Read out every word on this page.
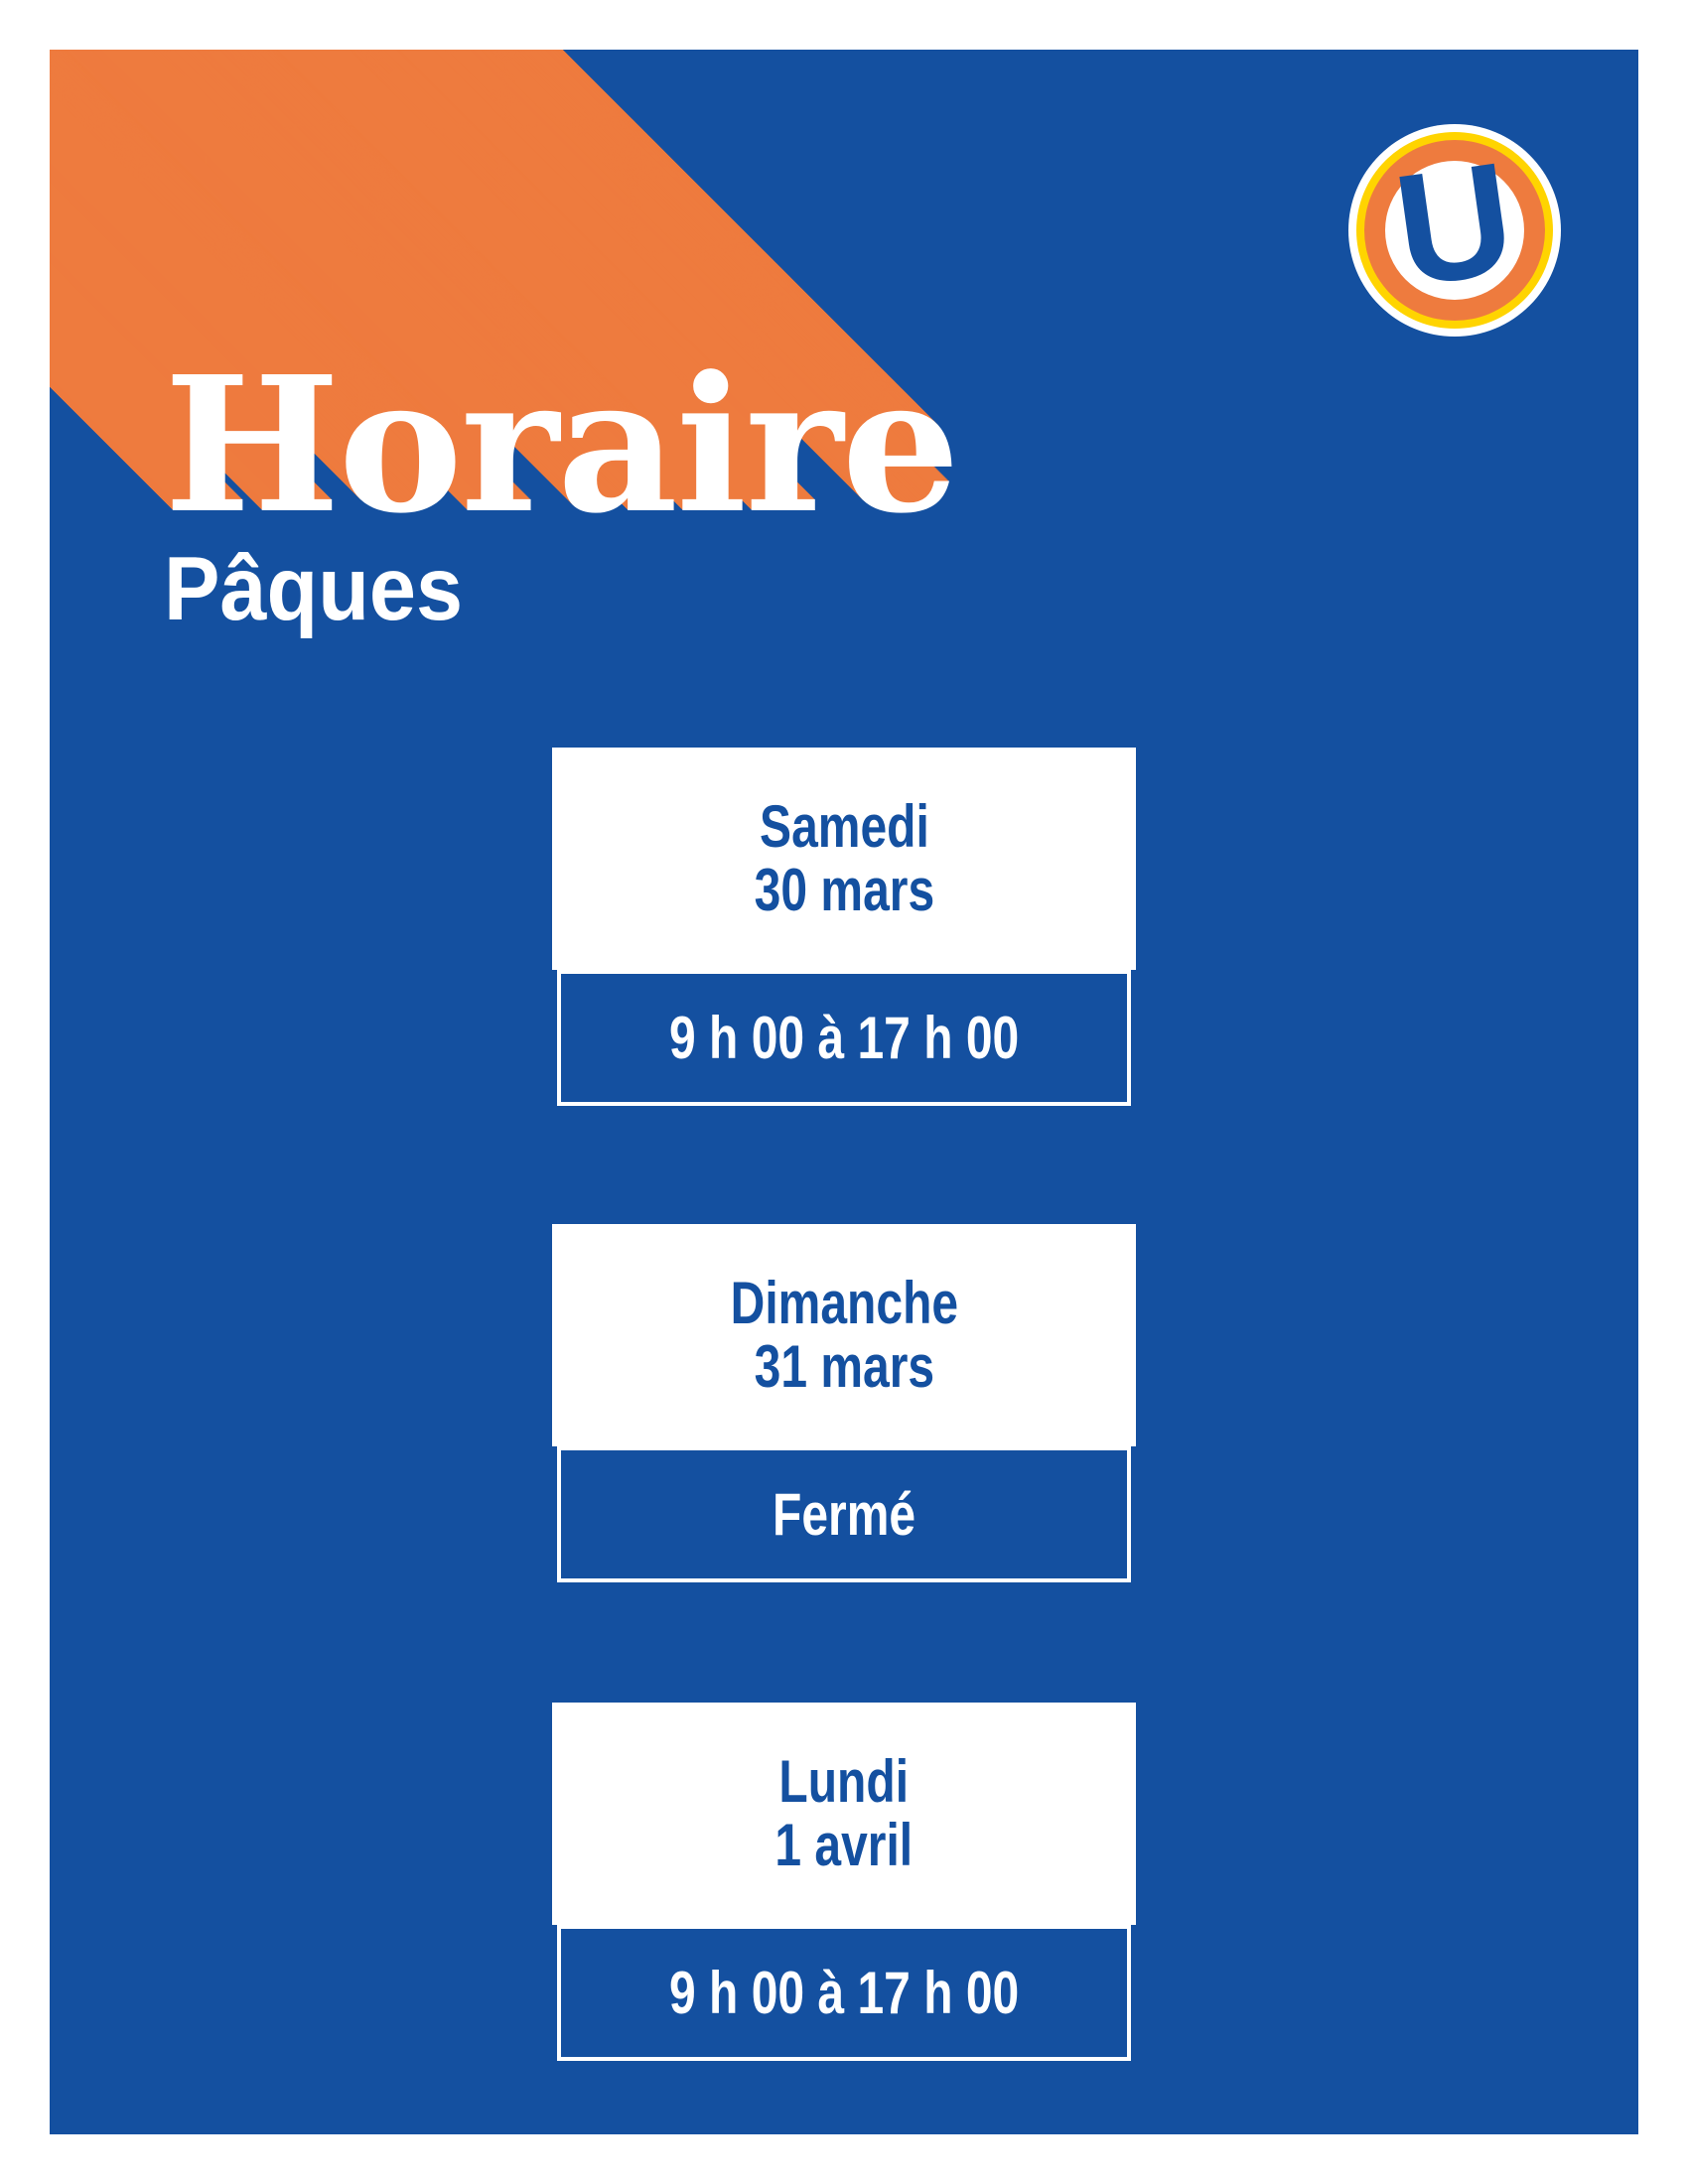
Horaire
Pâques
U
Samedi
30 mars
9 h 00 à 17 h 00
Dimanche
31 mars
Fermé
Lundi
1 avril
9 h 00 à 17 h 00
